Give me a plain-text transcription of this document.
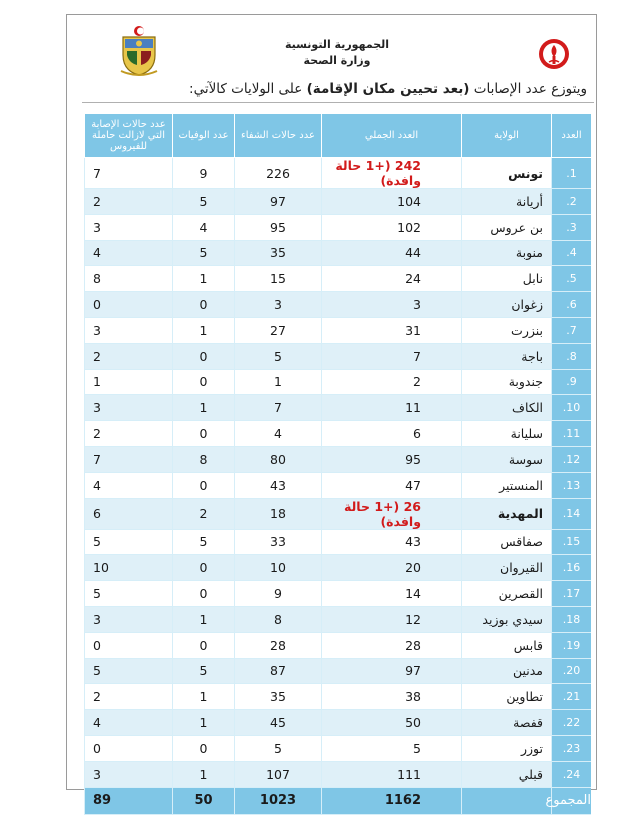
الجمهورية التونسية
وزارة الصحة
ويتوزع عدد الإصابات (بعد تحيين مكان الإقامة) على الولايات كالآتي:
العدد	الولاية	العدد الجملي	عدد حالات الشفاء	عدد الوفيات	عدد حالات الإصابة التي لازالت حاملة للفيروس
1.	تونس	242 (+1 حالة وافدة)	226	9	7
2.	أريانة	104	97	5	2
3.	بن عروس	102	95	4	3
4.	منوبة	44	35	5	4
5.	نابل	24	15	1	8
6.	زغوان	3	3	0	0
7.	بنزرت	31	27	1	3
8.	باجة	7	5	0	2
9.	جندوبة	2	1	0	1
10.	الكاف	11	7	1	3
11.	سليانة	6	4	0	2
12.	سوسة	95	80	8	7
13.	المنستير	47	43	0	4
14.	المهدية	26 (+1 حالة وافدة)	18	2	6
15.	صفاقس	43	33	5	5
16.	القيروان	20	10	0	10
17.	القصرين	14	9	0	5
18.	سيدي بوزيد	12	8	1	3
19.	قابس	28	28	0	0
20.	مدنين	97	87	5	5
21.	تطاوين	38	35	1	2
22.	قفصة	50	45	1	4
23.	توزر	5	5	0	0
24.	قبلي	111	107	1	3
المجموع		1162	1023	50	89
